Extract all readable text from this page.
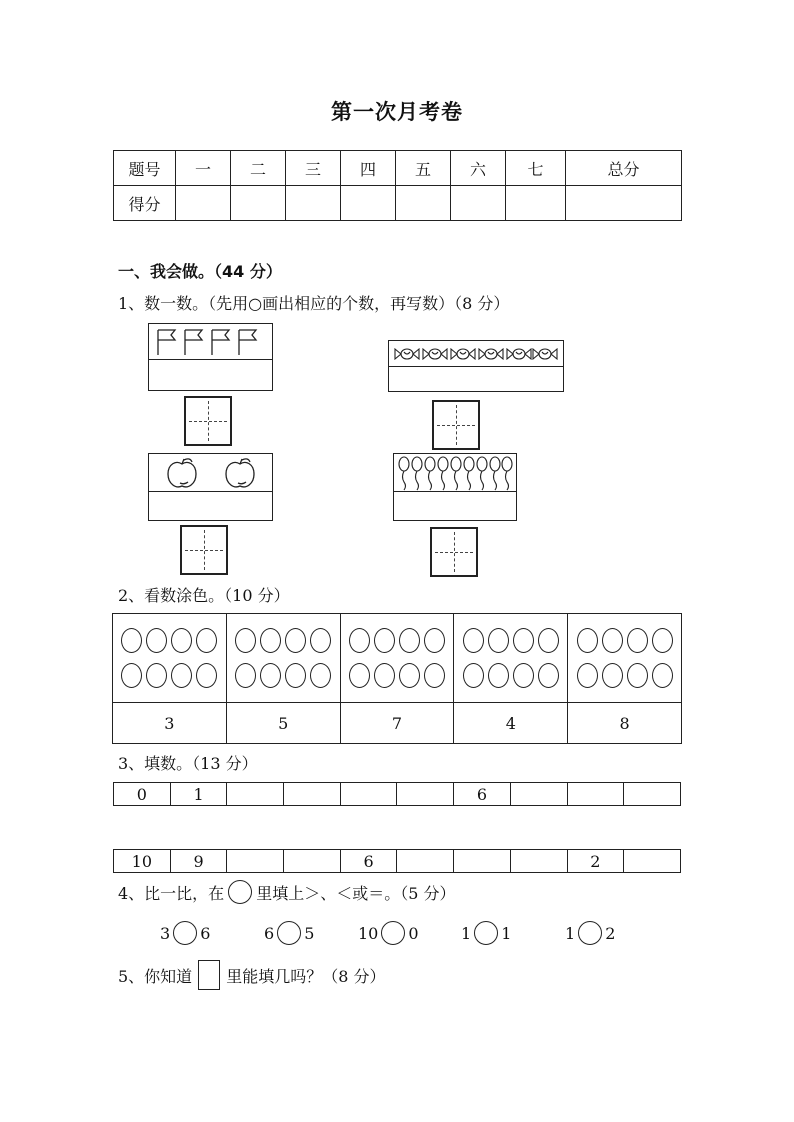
第一次月考卷
题号	一	二	三	四	五	六	七	总分
得分								
一、我会做。（44 分）
1、数一数。（先用○画出相应的个数，再写数）（8 分）
2、看数涂色。（10 分）

3	5	7	4	8
3、填数。（13 分）
0	1					6			
10	9			6				2	
4、比一比，在 里填上＞、＜或＝。（5 分）
3 6	6 5	10 0	1 1	1 2
5、你知道 里能填几吗？（8 分）
